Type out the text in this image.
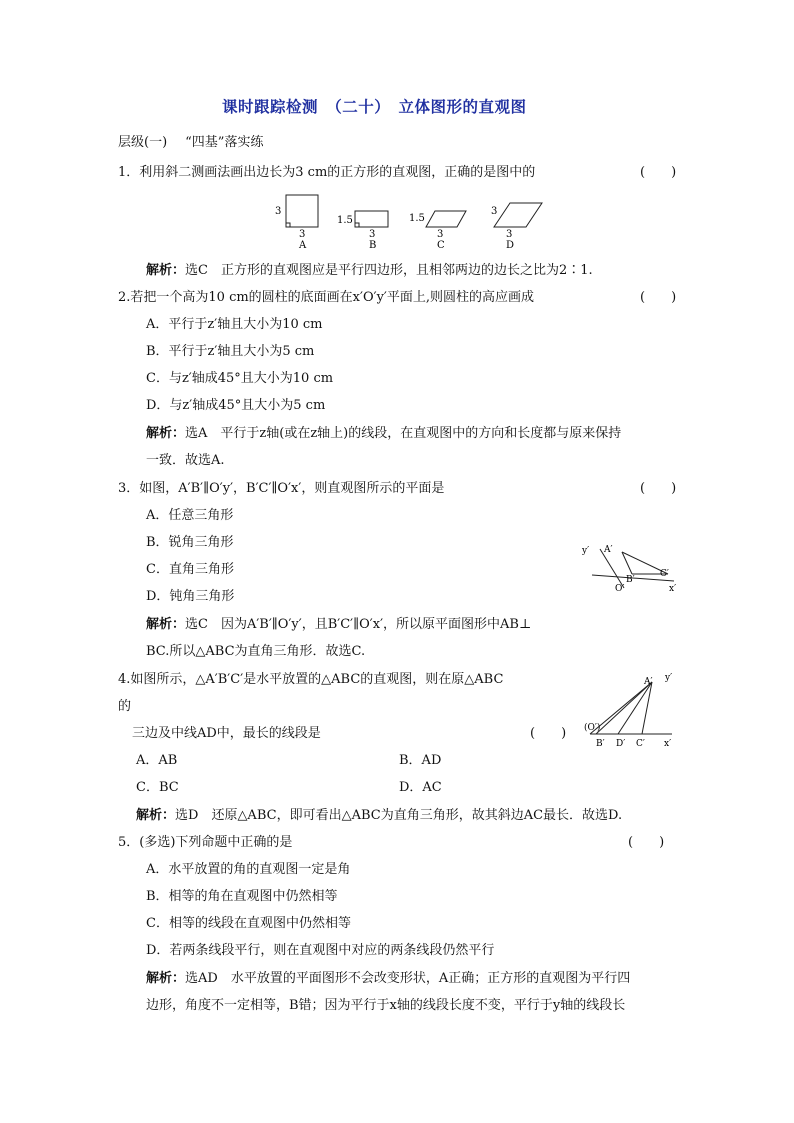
课时跟踪检测　（二十）　立体图形的直观图
层级(一) “四基”落实练
1．利用斜二测画法画出边长为3 cm的正方形的直观图，正确的是图中的	(　　)
3
3
A
1.5
3
B
1.5
3
C
3
3
D
解析：选C　正方形的直观图应是平行四边形，且相邻两边的边长之比为2∶1.
2.若把一个高为10 cm的圆柱的底面画在x′O′y′平面上,则圆柱的高应画成	(　　)
A．平行于z′轴且大小为10 cm
B．平行于z′轴且大小为5 cm
C．与z′轴成45°且大小为10 cm
D．与z′轴成45°且大小为5 cm
解析：选A　平行于z轴(或在z轴上)的线段，在直观图中的方向和长度都与原来保持
一致．故选A.
3．如图，A′B′∥O′y′，B′C′∥O′x′，则直观图所示的平面是	(　　)
A．任意三角形
B．锐角三角形
C．直角三角形
D．钝角三角形
y′ A′
C′
B′
O′	x′
解析：选C　因为A′B′∥O′y′，且B′C′∥O′x′，所以原平面图形中AB⊥
BC.所以△ABC为直角三角形．故选C.
4.如图所示，△A′B′C′是水平放置的△ABC的直观图，则在原△ABC
的
三边及中线AD中，最长的线段是	(　　)
A′ y′
(O′)
B′ D′ C′ x′
A．AB	B．AD
C．BC	D．AC
解析：选D　还原△ABC，即可看出△ABC为直角三角形，故其斜边AC最长．故选D.
5．(多选)下列命题中正确的是	(　　)
A．水平放置的角的直观图一定是角
B．相等的角在直观图中仍然相等
C．相等的线段在直观图中仍然相等
D．若两条线段平行，则在直观图中对应的两条线段仍然平行
解析：选AD　水平放置的平面图形不会改变形状，A正确；正方形的直观图为平行四
边形，角度不一定相等，B错；因为平行于x轴的线段长度不变，平行于y轴的线段长
